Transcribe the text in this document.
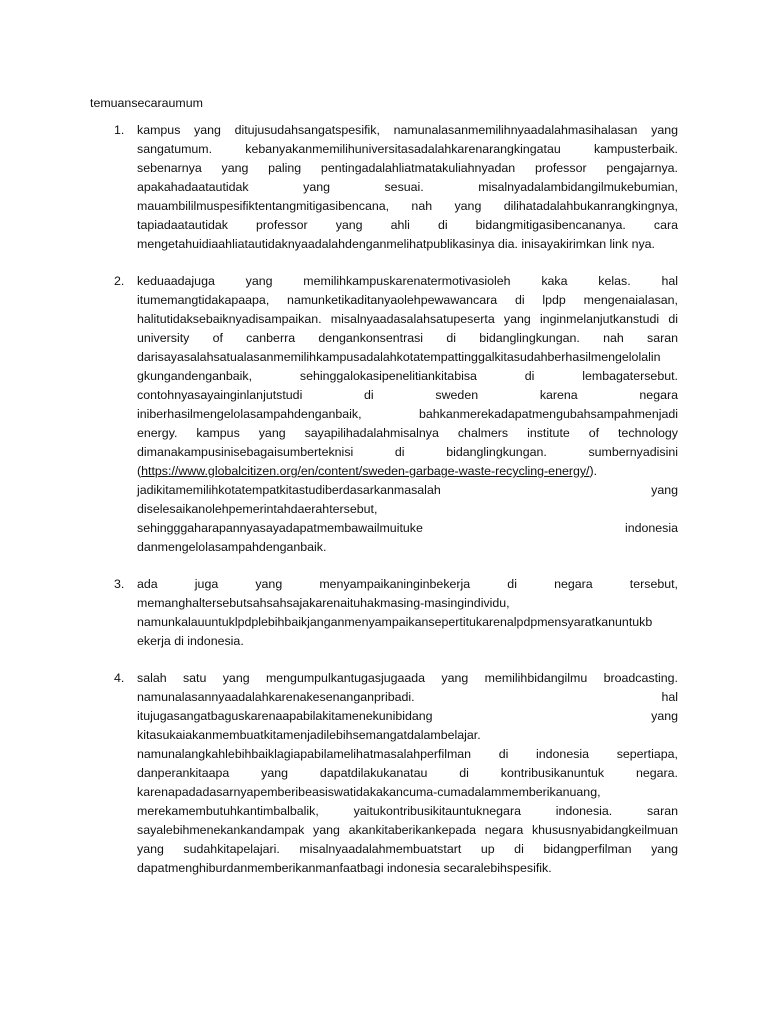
temuansecaraumum
1.	kampus yang ditujusudahsangatspesifik, namunalasanmemilihnyaadalahmasihalasan yang
sangatumum. kebanyakanmemilihuniversitasadalahkarenarangkingatau kampusterbaik.
sebenarnya yang paling pentingadalahliatmatakuliahnyadan professor pengajarnya.
apakahadaatautidak yang sesuai. misalnyadalambidangilmukebumian,
mauambililmuspesifiktentangmitigasibencana, nah yang dilihatadalahbukanrangkingnya,
tapiadaatautidak professor yang ahli di bidangmitigasibencananya. cara
mengetahuidiaahliatautidaknyaadalahdenganmelihatpublikasinya dia. inisayakirimkan link nya.
2.	keduaadajuga yang memilihkampuskarenatermotivasioleh kaka kelas. hal
itumemangtidakapaapa, namunketikaditanyaolehpewawancara di lpdp mengenaialasan,
halitutidaksebaiknyadisampaikan. misalnyaadasalahsatupeserta yang inginmelanjutkanstudi di
university of canberra dengankonsentrasi di bidanglingkungan. nah saran
darisayasalahsatualasanmemilihkampusadalahkotatempattinggalkitasudahberhasilmengelolalin
gkungandenganbaik, sehinggalokasipenelitiankitabisa di lembagatersebut.
contohnyasayainginlanjutstudi di sweden karena negara
iniberhasilmengelolasampahdenganbaik, bahkanmerekadapatmengubahsampahmenjadi
energy. kampus yang sayapilihadalahmisalnya chalmers institute of technology
dimanakampusinisebagaisumberteknisi di bidanglingkungan. sumbernyadisini
(https://www.globalcitizen.org/en/content/sweden-garbage-waste-recycling-energy/).
jadikitamemilihkotatempatkitastudiberdasarkanmasalah yang
diselesaikanolehpemerintahdaerahtersebut,
sehingggaharapannyasayadapatmembawailmuituke indonesia
danmengelolasampahdenganbaik.
3.	ada juga yang menyampaikaninginbekerja di negara tersebut,
memanghaltersebutsahsahsajakarenaituhakmasing-masingindividu,
namunkalauuntuklpdplebihbaikjanganmenyampaikansepertitukarenalpdpmensyaratkanuntukb
ekerja di indonesia.
4.	salah satu yang mengumpulkantugasjugaada yang memilihbidangilmu broadcasting.
namunalasannyaadalahkarenakesenanganpribadi. hal
itujugasangatbaguskarenaapabilakitamenekunibidang yang
kitasukaiakanmembuatkitamenjadilebihsemangatdalambelajar.
namunalangkahlebihbaiklagiapabilamelihatmasalahperfilman di indonesia sepertiapa,
danperankitaapa yang dapatdilakukanatau di kontribusikanuntuk negara.
karenapadadasarnyapemberibeasiswatidakakancuma-cumadalammemberikanuang,
merekamembutuhkantimbalbalik, yaitukontribusikitauntuknegara indonesia. saran
sayalebihmenekankandampak yang akankitaberikankepada negara khususnyabidangkeilmuan
yang sudahkitapelajari. misalnyaadalahmembuatstart up di bidangperfilman yang
dapatmenghiburdanmemberikanmanfaatbagi indonesia secaralebihspesifik.
